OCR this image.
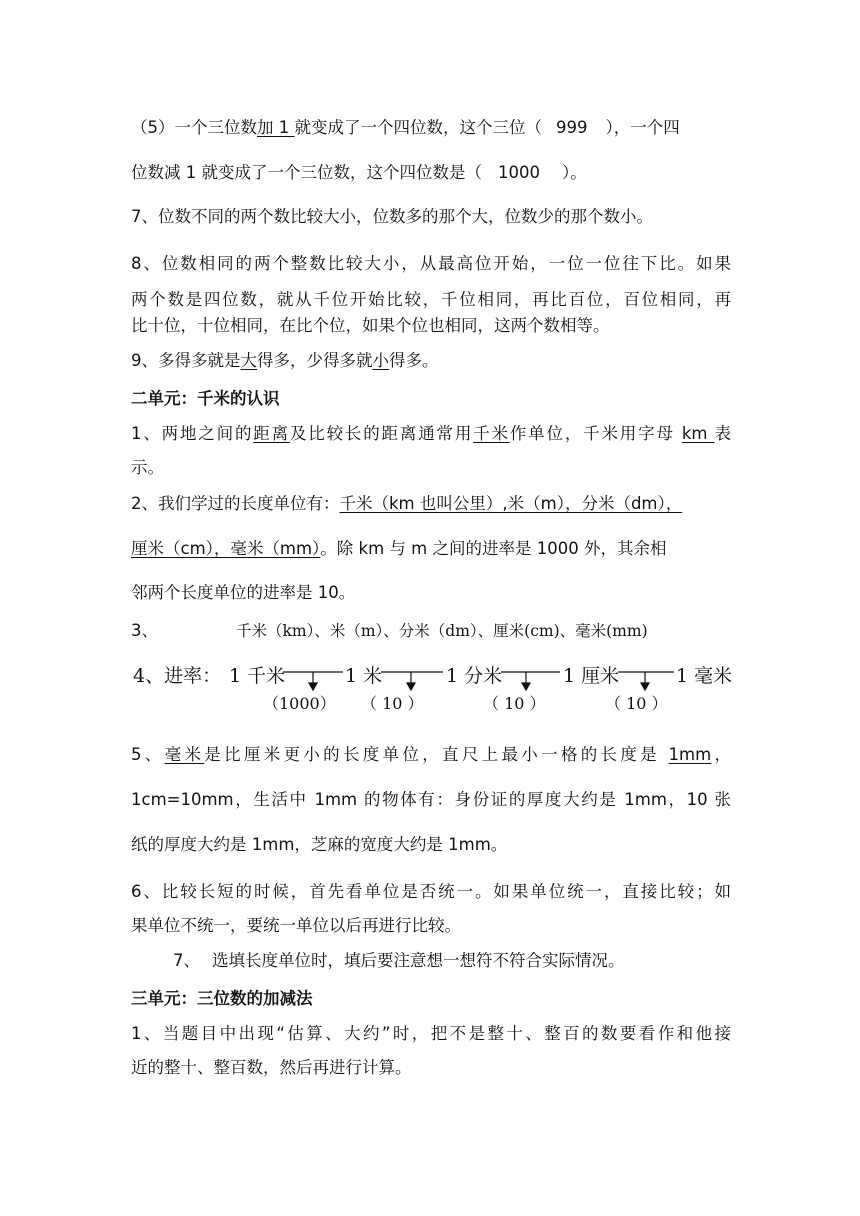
（5）一个三位数加 1 就变成了一个四位数，这个三位（ 999 ），一个四
位数减 1 就变成了一个三位数，这个四位数是（ 1000 ）。
7、位数不同的两个数比较大小，位数多的那个大，位数少的那个数小。
8、位数相同的两个整数比较大小，从最高位开始，一位一位往下比。如果
两个数是四位数，就从千位开始比较，千位相同，再比百位，百位相同，再
比十位，十位相同，在比个位，如果个位也相同，这两个数相等。
9、多得多就是大得多，少得多就小得多。
二单元：千米的认识
1、两地之间的距离及比较长的距离通常用千米作单位，千米用字母 km 表
示。
2、我们学过的长度单位有：千米（km 也叫公里）,米（m），分米（dm），
厘米（cm），毫米（mm）。除 km 与 m 之间的进率是 1000 外，其余相
邻两个长度单位的进率是 10。
3、	千米（km）、米（m）、分米（dm）、厘米(cm)、毫米(mm)
4、进率： 1 千米	1 米	1 分米	1 厘米	1 毫米
（1000） （ 10 ）	（ 10 ）	（ 10 ）
5、毫米是比厘米更小的长度单位，直尺上最小一格的长度是 1mm，
1cm=10mm，生活中 1mm 的物体有：身份证的厚度大约是 1mm，10 张
纸的厚度大约是 1mm，芝麻的宽度大约是 1mm。
6、比较长短的时候，首先看单位是否统一。如果单位统一，直接比较；如
果单位不统一，要统一单位以后再进行比较。
7、 选填长度单位时，填后要注意想一想符不符合实际情况。
三单元：三位数的加减法
1、当题目中出现“估算、大约”时，把不是整十、整百的数要看作和他接
近的整十、整百数，然后再进行计算。
